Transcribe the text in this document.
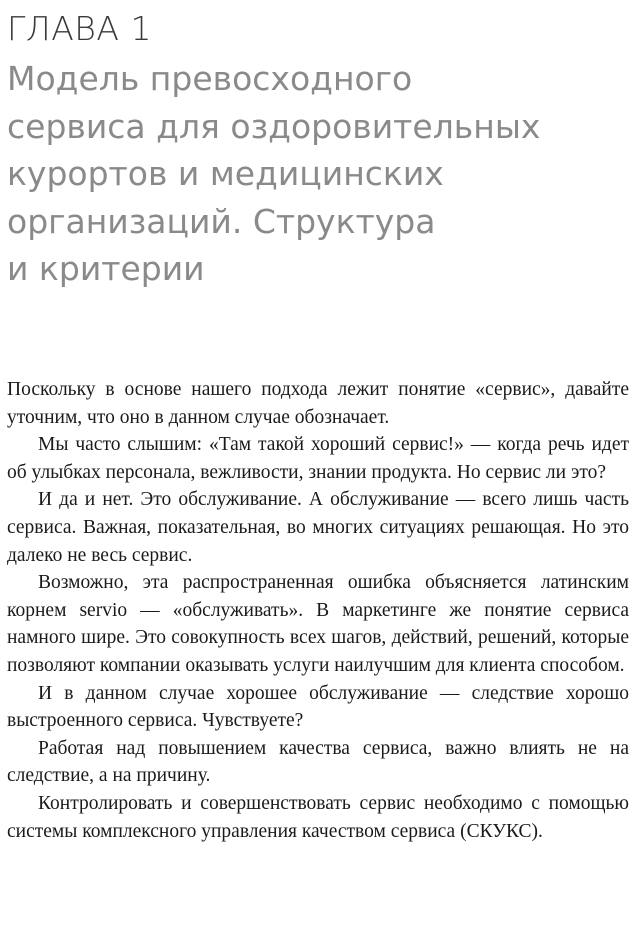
ГЛАВА 1
Модель превосходного
сервиса для оздоровительных
курортов и медицинских
организаций. Структура
и критерии

Поскольку в основе нашего подхода лежит понятие «сервис», давайте уточним, что оно в данном случае обозначает.

Мы часто слышим: «Там такой хороший сервис!» — когда речь идет об улыбках персонала, вежливости, знании продукта. Но сервис ли это?

И да и нет. Это обслуживание. А обслуживание — всего лишь часть сервиса. Важная, показательная, во многих ситуациях решающая. Но это далеко не весь сервис.

Возможно, эта распространенная ошибка объясняется латинским корнем servio — «обслуживать». В маркетинге же понятие сервиса намного шире. Это совокупность всех шагов, действий, решений, которые позволяют компании оказывать услуги наилучшим для клиента способом.

И в данном случае хорошее обслуживание — следствие хорошо выстроенного сервиса. Чувствуете?

Работая над повышением качества сервиса, важно влиять не на следствие, а на причину.

Контролировать и совершенствовать сервис необходимо с помощью системы комплексного управления качеством сервиса (СКУКС).
